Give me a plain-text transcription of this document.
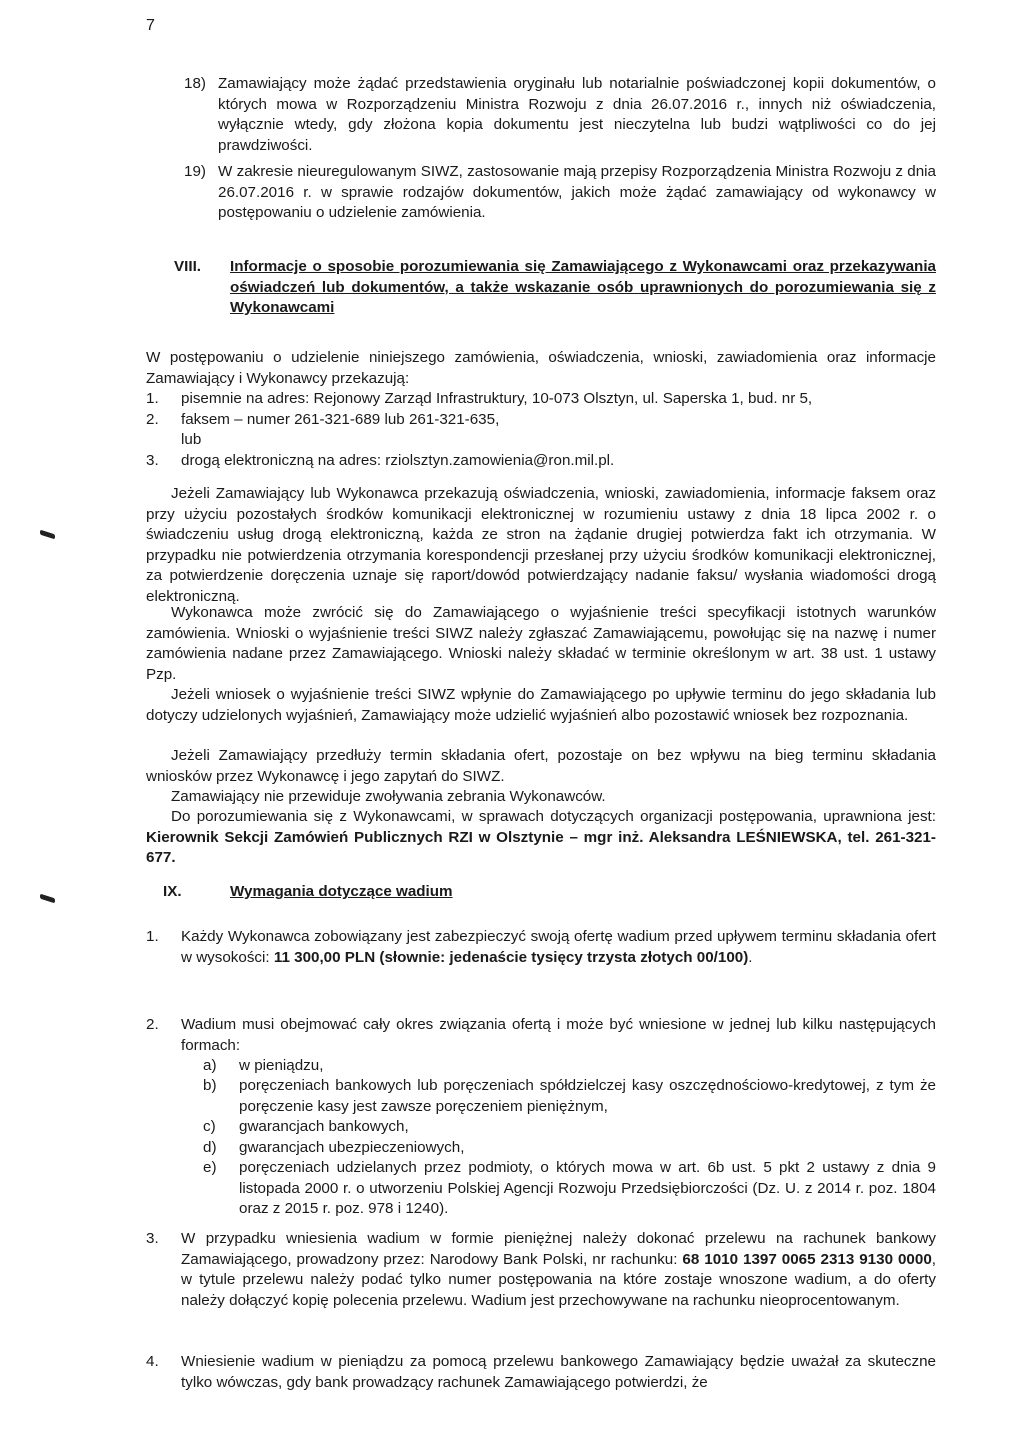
7
18) Zamawiający może żądać przedstawienia oryginału lub notarialnie poświadczonej kopii dokumentów, o których mowa w Rozporządzeniu Ministra Rozwoju z dnia 26.07.2016 r., innych niż oświadczenia, wyłącznie wtedy, gdy złożona kopia dokumentu jest nieczytelna lub budzi wątpliwości co do jej prawdziwości.
19) W zakresie nieuregulowanym SIWZ, zastosowanie mają przepisy Rozporządzenia Ministra Rozwoju z dnia 26.07.2016 r. w sprawie rodzajów dokumentów, jakich może żądać zamawiający od wykonawcy w postępowaniu o udzielenie zamówienia.
VIII. Informacje o sposobie porozumiewania się Zamawiającego z Wykonawcami oraz przekazywania oświadczeń lub dokumentów, a także wskazanie osób uprawnionych do porozumiewania się z Wykonawcami
W postępowaniu o udzielenie niniejszego zamówienia, oświadczenia, wnioski, zawiadomienia oraz informacje Zamawiający i Wykonawcy przekazują:
1. pisemnie na adres: Rejonowy Zarząd Infrastruktury, 10-073 Olsztyn, ul. Saperska 1, bud. nr 5,
2. faksem – numer 261-321-689 lub 261-321-635,
lub
3. drogą elektroniczną na adres: rziolsztyn.zamowienia@ron.mil.pl.
Jeżeli Zamawiający lub Wykonawca przekazują oświadczenia, wnioski, zawiadomienia, informacje faksem oraz przy użyciu pozostałych środków komunikacji elektronicznej w rozumieniu ustawy z dnia 18 lipca 2002 r. o świadczeniu usług drogą elektroniczną, każda ze stron na żądanie drugiej potwierdza fakt ich otrzymania. W przypadku nie potwierdzenia otrzymania korespondencji przesłanej przy użyciu środków komunikacji elektronicznej, za potwierdzenie doręczenia uznaje się raport/dowód potwierdzający nadanie faksu/ wysłania wiadomości drogą elektroniczną.
Wykonawca może zwrócić się do Zamawiającego o wyjaśnienie treści specyfikacji istotnych warunków zamówienia. Wnioski o wyjaśnienie treści SIWZ należy zgłaszać Zamawiającemu, powołując się na nazwę i numer zamówienia nadane przez Zamawiającego. Wnioski należy składać w terminie określonym w art. 38 ust. 1 ustawy Pzp.
Jeżeli wniosek o wyjaśnienie treści SIWZ wpłynie do Zamawiającego po upływie terminu do jego składania lub dotyczy udzielonych wyjaśnień, Zamawiający może udzielić wyjaśnień albo pozostawić wniosek bez rozpoznania.
Jeżeli Zamawiający przedłuży termin składania ofert, pozostaje on bez wpływu na bieg terminu składania wniosków przez Wykonawcę i jego zapytań do SIWZ.
Zamawiający nie przewiduje zwoływania zebrania Wykonawców.
Do porozumiewania się z Wykonawcami, w sprawach dotyczących organizacji postępowania, uprawniona jest: Kierownik Sekcji Zamówień Publicznych RZI w Olsztynie – mgr inż. Aleksandra LEŚNIEWSKA, tel. 261-321-677.
IX.	Wymagania dotyczące wadium
1. Każdy Wykonawca zobowiązany jest zabezpieczyć swoją ofertę wadium przed upływem terminu składania ofert w wysokości: 11 300,00 PLN (słownie: jedenaście tysięcy trzysta złotych 00/100).
2. Wadium musi obejmować cały okres związania ofertą i może być wniesione w jednej lub kilku następujących formach:
a) w pieniądzu,
b) poręczeniach bankowych lub poręczeniach spółdzielczej kasy oszczędnościowo-kredytowej, z tym że poręczenie kasy jest zawsze poręczeniem pieniężnym,
c) gwarancjach bankowych,
d) gwarancjach ubezpieczeniowych,
e) poręczeniach udzielanych przez podmioty, o których mowa w art. 6b ust. 5 pkt 2 ustawy z dnia 9 listopada 2000 r. o utworzeniu Polskiej Agencji Rozwoju Przedsiębiorczości (Dz. U. z 2014 r. poz. 1804 oraz z 2015 r. poz. 978 i 1240).
3. W przypadku wniesienia wadium w formie pieniężnej należy dokonać przelewu na rachunek bankowy Zamawiającego, prowadzony przez: Narodowy Bank Polski, nr rachunku: 68 1010 1397 0065 2313 9130 0000, w tytule przelewu należy podać tylko numer postępowania na które zostaje wnoszone wadium, a do oferty należy dołączyć kopię polecenia przelewu. Wadium jest przechowywane na rachunku nieoprocentowanym.
4. Wniesienie wadium w pieniądzu za pomocą przelewu bankowego Zamawiający będzie uważał za skuteczne tylko wówczas, gdy bank prowadzący rachunek Zamawiającego potwierdzi, że
